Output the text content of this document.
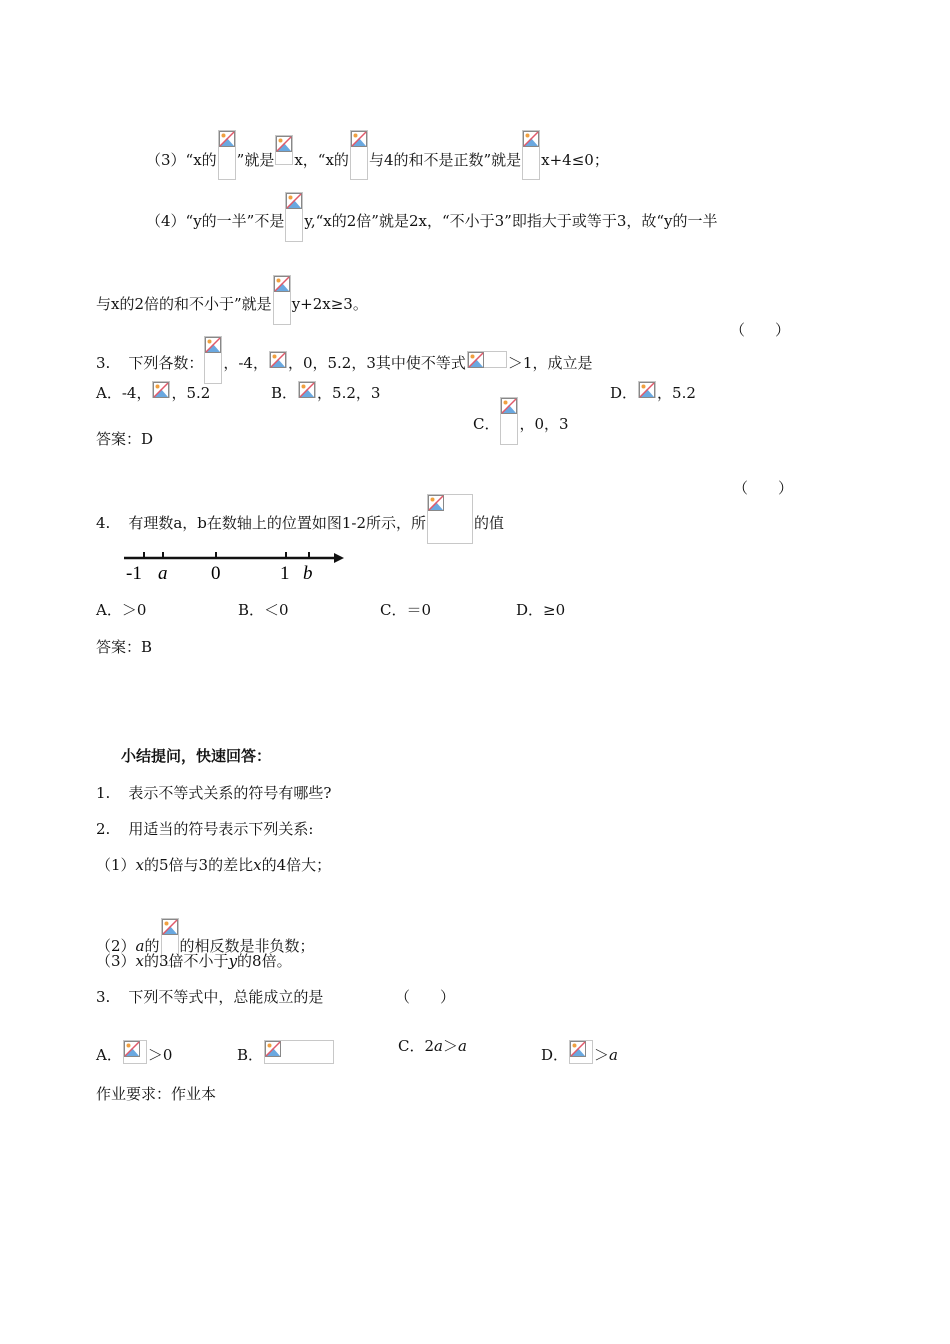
（3）“x的 ”就是 x，“x的 与4的和不是正数”就是 x+4≤0；
（4）“y的一半”不是 y,“x的2倍”就是2x，“不小于3”即指大于或等于3，故“y的一半
与x的2倍的和不小于”就是 y+2x≥3。
3. 下列各数： ，-4， ，0，5.2，3其中使不等式	＞1，成立是
（　　）
A．-4， ，5.2	B． ，5.2，3
C． ，0，3
D． ，5.2
答案：D
4. 有理数a，b在数轴上的位置如图1-2所示，所	的值
（　　）
-1 a 0	1 b
A．＞0	B．＜0	C．＝0	D．≥0
答案：B
小结提问，快速回答：
1. 表示不等式关系的符号有哪些?
2. 用适当的符号表示下列关系:
（1）x的5倍与3的差比x的4倍大；
（2）a的 的相反数是非负数；
（3）x的3倍不小于y的8倍。
3. 下列不等式中，总能成立的是	（　　）
A． ＞0	B．	C．2a＞a	D． ＞a
作业要求：作业本
